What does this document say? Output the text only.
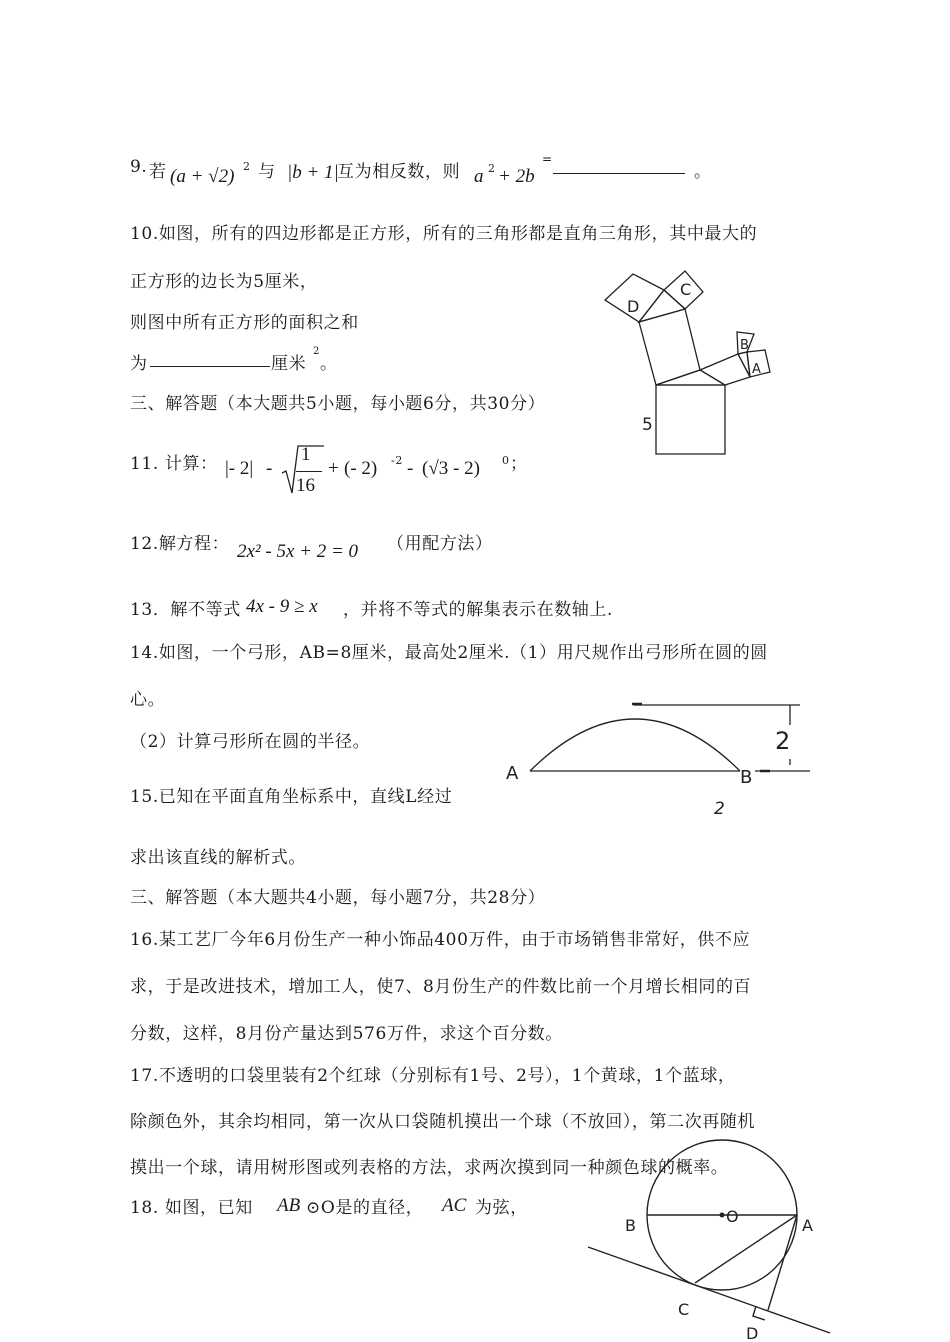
9. 若 (a + √2) 2 与 |b + 1|
互为相反数，则 a 2 + 2b
=
。
10.如图，所有的四边形都是正方形，所有的三角形都是直角三角形，其中最大的
正方形的边长为5厘米，
则图中所有正方形的面积之和
为	厘米
2
。
D
C
B
A
5
三、解答题（本大题共5小题，每小题6分，共30分）
11. 计算： |- 2| -
1
16
+ (- 2) -2 - (√3 - 2) 0 ；
12.解方程： 2x² - 5x + 2 = 0 （用配方法）
13．解不等式 4x - 9 ≥ x ，并将不等式的解集表示在数轴上.
14.如图，一个弓形，AB=8厘米，最高处2厘米.（1）用尺规作出弓形所在圆的圆
心。
（2）计算弓形所在圆的半径。
A	B
2
2
15.已知在平面直角坐标系中，直线L经过
求出该直线的解析式。
三、解答题（本大题共4小题，每小题7分，共28分）
16.某工艺厂今年6月份生产一种小饰品400万件，由于市场销售非常好，供不应
求，于是改进技术，增加工人，使7、8月份生产的件数比前一个月增长相同的百
分数，这样，8月份产量达到576万件，求这个百分数。
17.不透明的口袋里装有2个红球（分别标有1号、2号），1个黄球，1个蓝球，
除颜色外，其余均相同，第一次从口袋随机摸出一个球（不放回），第二次再随机
摸出一个球，请用树形图或列表格的方法，求两次摸到同一种颜色球的概率。
18. 如图，已知 AB ⊙O是的直径， AC 为弦，
B	O	A
C
D
